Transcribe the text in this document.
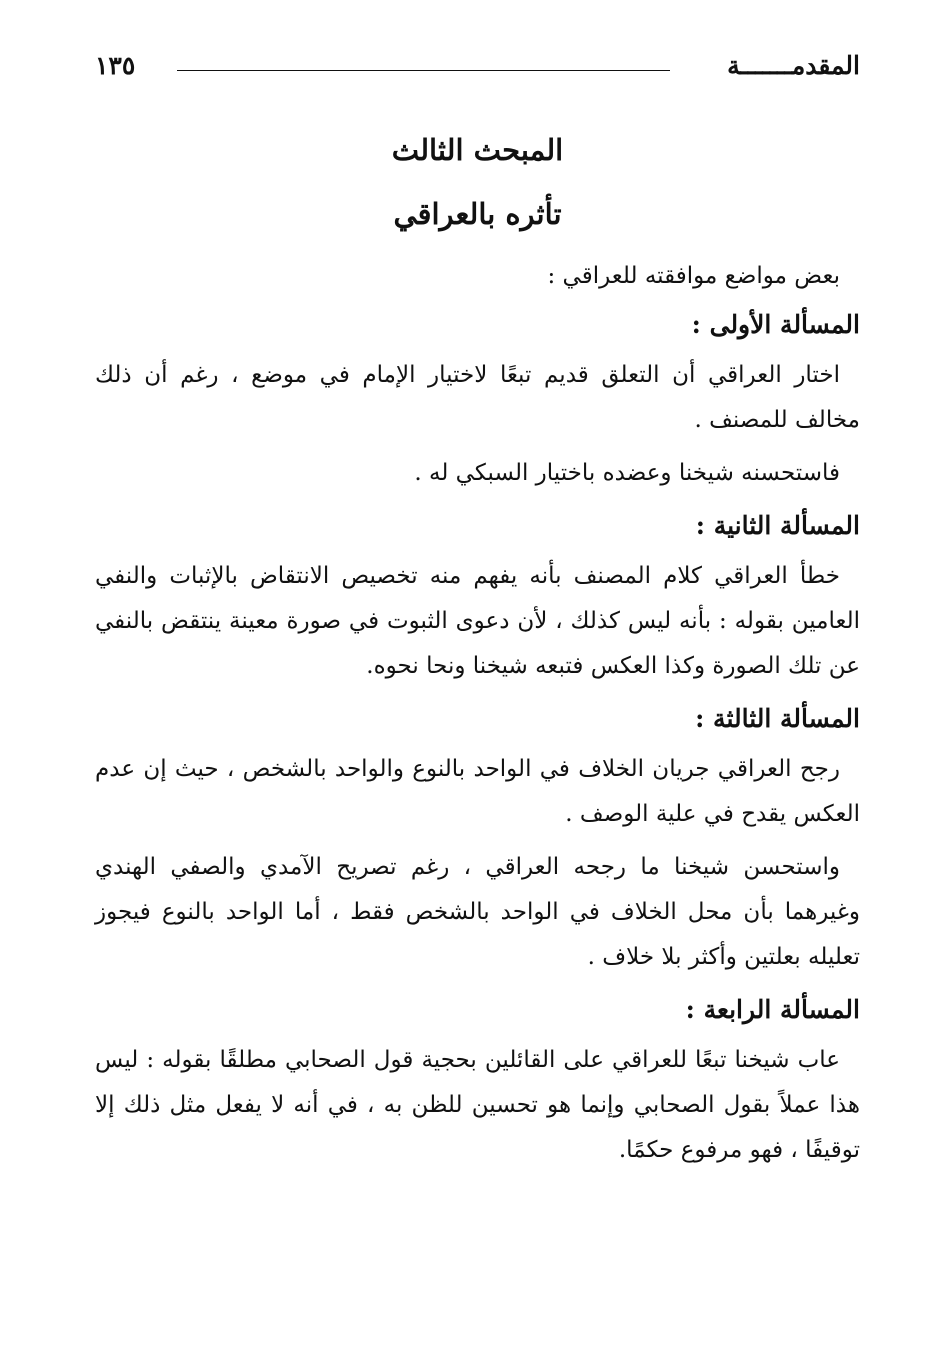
المقدمـــــــة
١٣٥
المبحث الثالث
تأثره بالعراقي

بعض مواضع موافقته للعراقي :

المسألة الأولى :

اختار العراقي أن التعلق قديم تبعًا لاختيار الإمام في موضع ، رغم أن ذلك مخالف للمصنف .

فاستحسنه شيخنا وعضده باختيار السبكي له .

المسألة الثانية :

خطأ العراقي كلام المصنف بأنه يفهم منه تخصيص الانتقاض بالإثبات والنفي العامين بقوله : بأنه ليس كذلك ، لأن دعوى الثبوت في صورة معينة ينتقض بالنفي عن تلك الصورة وكذا العكس فتبعه شيخنا ونحا نحوه.

المسألة الثالثة :

رجح العراقي جريان الخلاف في الواحد بالنوع والواحد بالشخص ، حيث إن عدم العكس يقدح في علية الوصف .

واستحسن شيخنا ما رجحه العراقي ، رغم تصريح الآمدي والصفي الهندي وغيرهما بأن محل الخلاف في الواحد بالشخص فقط ، أما الواحد بالنوع فيجوز تعليله بعلتين وأكثر بلا خلاف .

المسألة الرابعة :

عاب شيخنا تبعًا للعراقي على القائلين بحجية قول الصحابي مطلقًا بقوله : ليس هذا عملاً بقول الصحابي وإنما هو تحسين للظن به ، في أنه لا يفعل مثل ذلك إلا توقيفًا ، فهو مرفوع حكمًا.
